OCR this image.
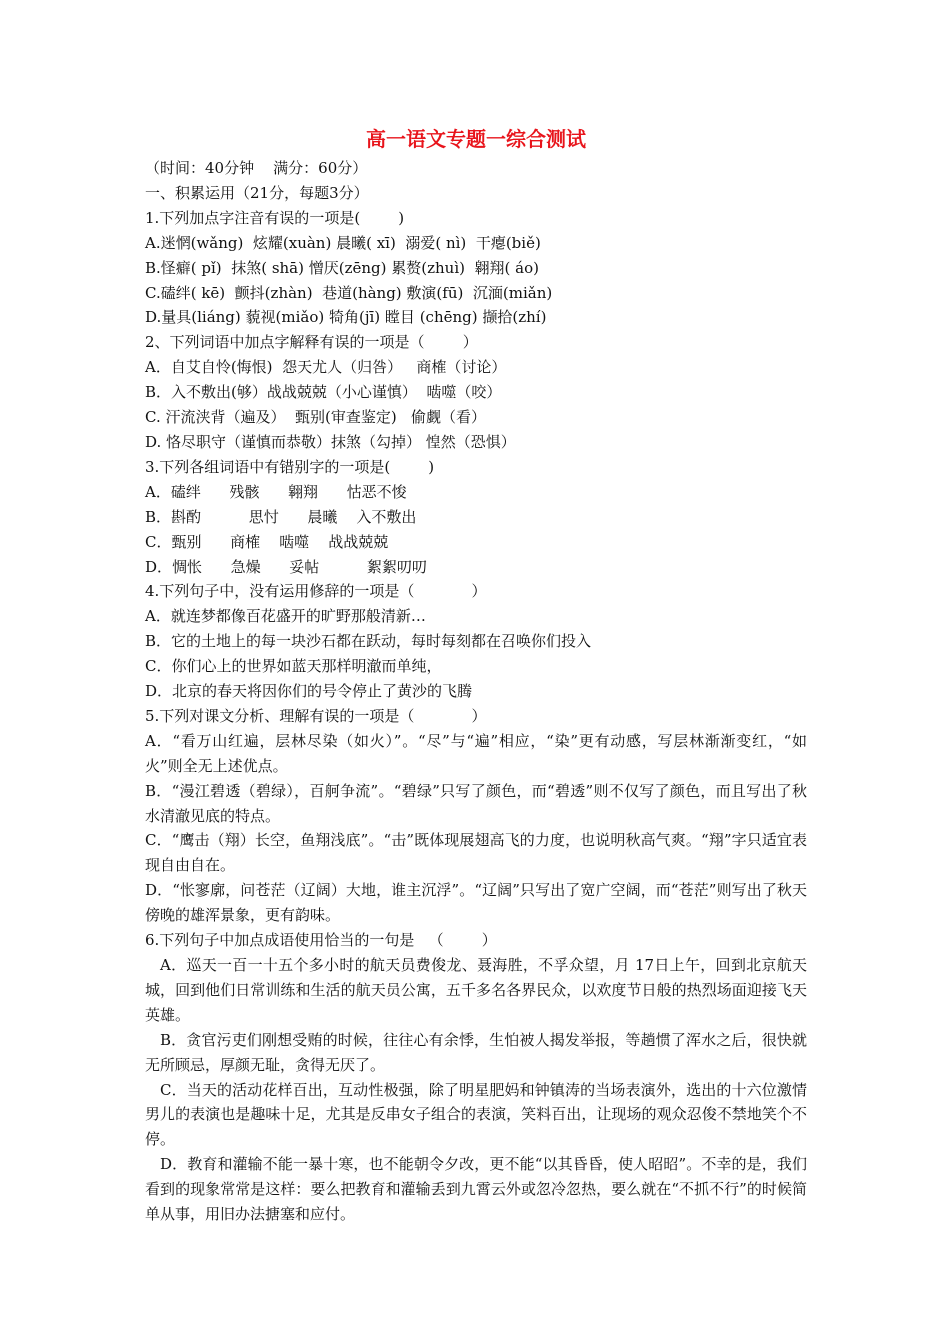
高一语文专题一综合测试
（时间：40分钟    满分：60分）
一、积累运用（21分，每题3分）
1.下列加点字注音有误的一项是(        )
A.迷惘(wǎng)  炫耀(xuàn) 晨曦( xī)  溺爱( nì)  干瘪(biě)
B.怪癖( pǐ)  抹煞( shā) 憎厌(zēng) 累赘(zhuì)  翱翔( áo)
C.磕绊( kē)  颤抖(zhàn)  巷道(hàng) 敷演(fū)  沉湎(miǎn)
D.量具(liáng) 藐视(miǎo) 犄角(jī) 瞠目 (chēng) 撷拾(zhí)
2、下列词语中加点字解释有误的一项是（        ）
A．自艾自怜(悔恨)  怨天尤人（归咎）   商榷（讨论）
B．入不敷出(够）战战兢兢（小心谨慎）  啮噬（咬）
C. 汗流浃背（遍及）  甄别(审查鉴定)   偷觑（看）
D. 恪尽职守（谨慎而恭敬）抹煞（勾掉） 惶然（恐惧）
3.下列各组词语中有错别字的一项是(        )
A．磕绊      残骸      翱翔      怙恶不悛
B．斟酌          思忖      晨曦    入不敷出
C．甄别      商榷    啮噬    战战兢兢
D．惆怅      急燥      妥帖          絮絮叨叨
4.下列句子中，没有运用修辞的一项是（            ）
A．就连梦都像百花盛开的旷野那般清新…
B．它的土地上的每一块沙石都在跃动，每时每刻都在召唤你们投入
C．你们心上的世界如蓝天那样明澈而单纯，
D．北京的春天将因你们的号令停止了黄沙的飞腾
5.下列对课文分析、理解有误的一项是（            ）
A．“看万山红遍，层林尽染（如火）”。“尽”与“遍”相应，“染”更有动感，写层林渐渐变红，“如火”则全无上述优点。
B．“漫江碧透（碧绿），百舸争流”。“碧绿”只写了颜色，而“碧透”则不仅写了颜色，而且写出了秋水清澈见底的特点。
C．“鹰击（翔）长空，鱼翔浅底”。“击”既体现展翅高飞的力度，也说明秋高气爽。“翔”字只适宜表现自由自在。
D．“怅寥廓，问苍茫（辽阔）大地，谁主沉浮”。“辽阔”只写出了宽广空阔，而“苍茫”则写出了秋天傍晚的雄浑景象，更有韵味。
6.下列句子中加点成语使用恰当的一句是   （        ）
A．巡天一百一十五个多小时的航天员费俊龙、聂海胜，不孚众望，月 17日上午，回到北京航天城，回到他们日常训练和生活的航天员公寓，五千多名各界民众，以欢度节日般的热烈场面迎接飞天英雄。
B．贪官污吏们刚想受贿的时候，往往心有余悸，生怕被人揭发举报，等趟惯了浑水之后，很快就无所顾忌，厚颜无耻，贪得无厌了。
C．当天的活动花样百出，互动性极强，除了明星肥妈和钟镇涛的当场表演外，选出的十六位激情男儿的表演也是趣味十足，尤其是反串女子组合的表演，笑料百出，让现场的观众忍俊不禁地笑个不停。
D．教育和灌输不能一暴十寒，也不能朝令夕改，更不能“以其昏昏，使人昭昭”。不幸的是，我们看到的现象常常是这样：要么把教育和灌输丢到九霄云外或忽冷忽热，要么就在“不抓不行”的时候简单从事，用旧办法搪塞和应付。
